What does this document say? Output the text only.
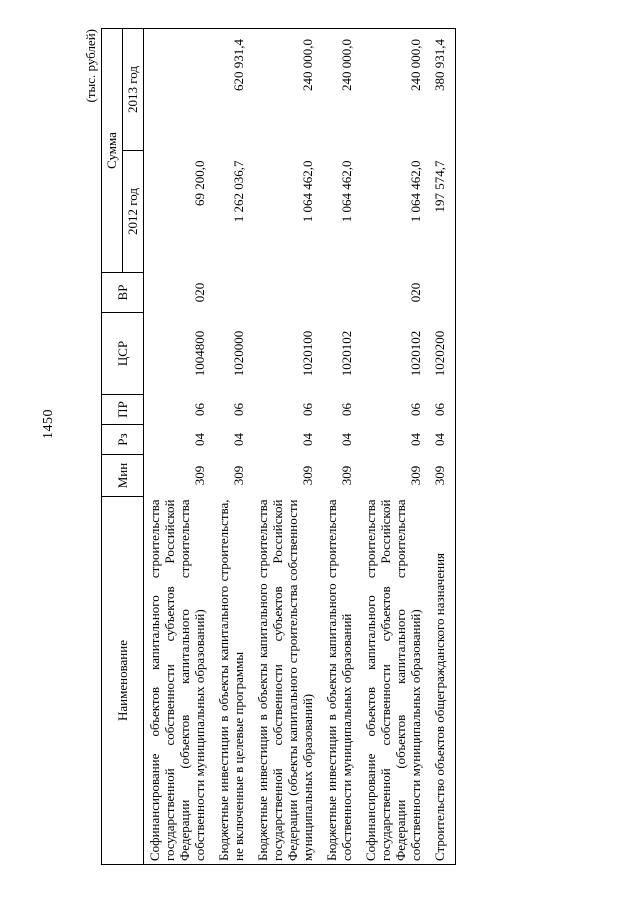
1450
(тыс. рублей)
Наименование	Мин	Рз	ПР	ЦСР	ВР	Сумма	
						2012 год	2013 год
Софинансирование объектов капитального строительства государственной собственности субъектов Российской Федерации (объектов капитального строительства собственности муниципальных образований)	309	04	06	1004800	020	69 200,0	
Бюджетные инвестиции в объекты капитального строительства, не включенные в целевые программы	309	04	06	1020000		1 262 036,7	620 931,4
Бюджетные инвестиции в объекты капитального строительства государственной собственности субъектов Российской Федерации (объекты капитального строительства собственности муниципальных образований)	309	04	06	1020100		1 064 462,0	240 000,0
Бюджетные инвестиции в объекты капитального строительства собственности муниципальных образований	309	04	06	1020102		1 064 462,0	240 000,0
Софинансирование объектов капитального строительства государственной собственности субъектов Российской Федерации (объектов капитального строительства собственности муниципальных образований)	309	04	06	1020102	020	1 064 462,0	240 000,0
Строительство объектов общегражданского назначения	309	04	06	1020200		197 574,7	380 931,4
